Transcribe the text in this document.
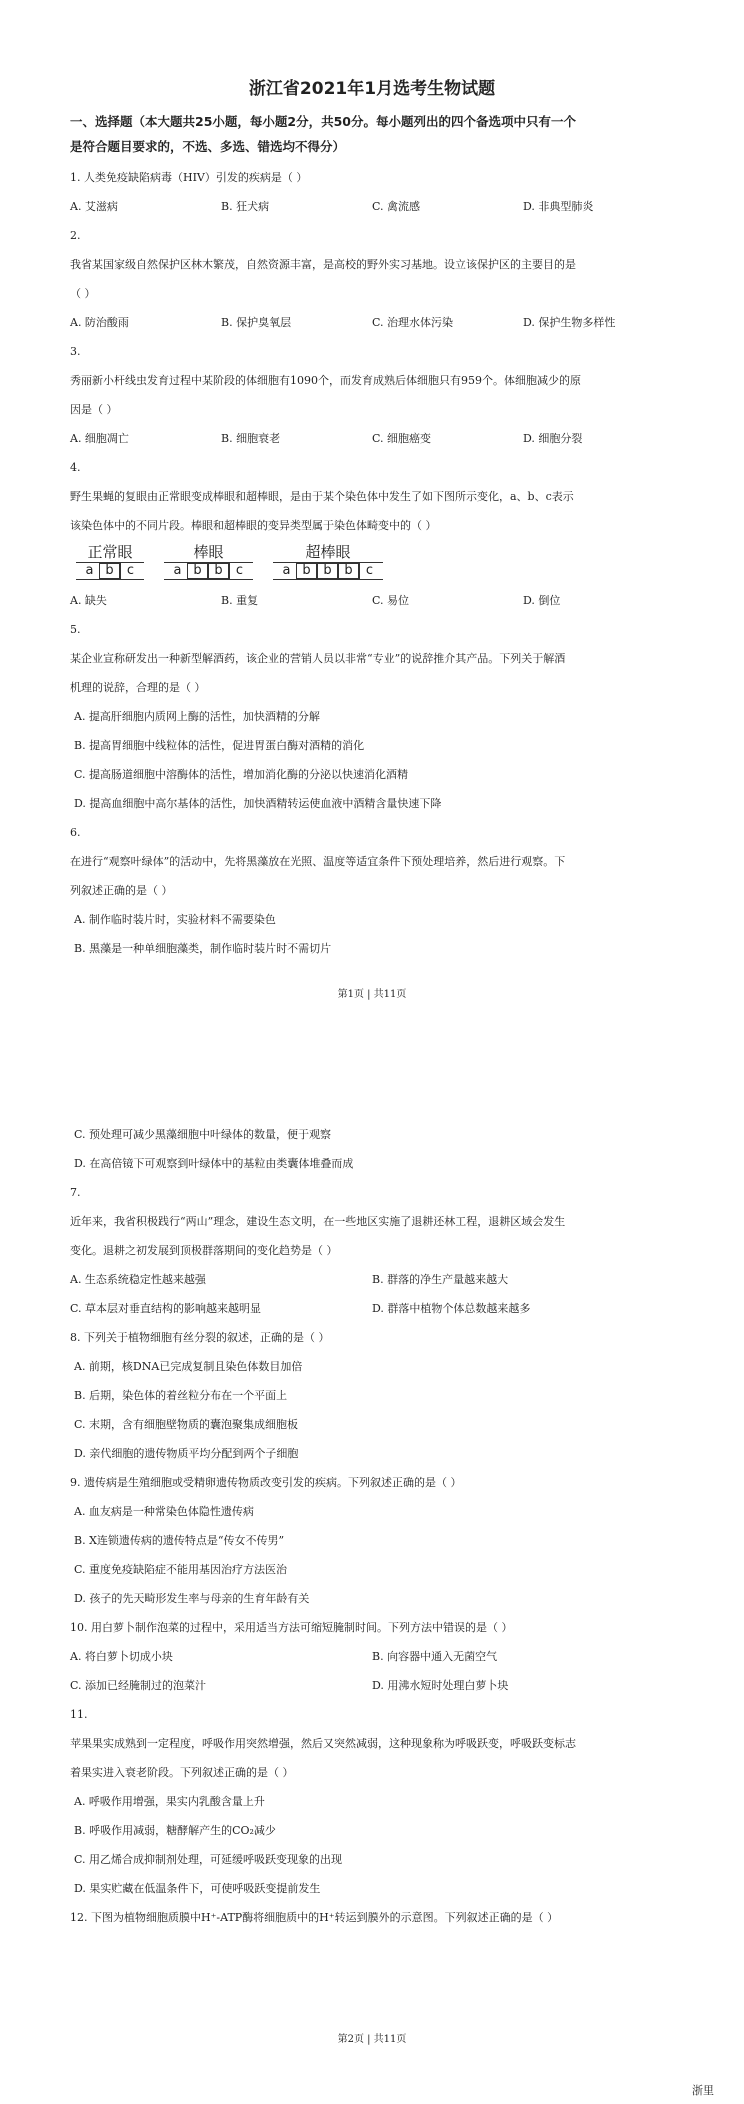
浙江省2021年1月选考生物试题
一、选择题（本大题共25小题，每小题2分，共50分。每小题列出的四个备选项中只有一个
是符合题目要求的，不选、多选、错选均不得分）
1. 人类免疫缺陷病毒（HIV）引发的疾病是（ ）
A. 艾滋病	B. 狂犬病	C. 禽流感	D. 非典型肺炎
2.
我省某国家级自然保护区林木繁茂，自然资源丰富，是高校的野外实习基地。设立该保护区的主要目的是
（ ）
A. 防治酸雨	B. 保护臭氧层	C. 治理水体污染	D. 保护生物多样性
3.
秀丽新小杆线虫发育过程中某阶段的体细胞有1090个，而发育成熟后体细胞只有959个。体细胞减少的原
因是（ ）
A. 细胞凋亡	B. 细胞衰老	C. 细胞癌变	D. 细胞分裂
4.
野生果蝇的复眼由正常眼变成棒眼和超棒眼，是由于某个染色体中发生了如下图所示变化，a、b、c表示
该染色体中的不同片段。棒眼和超棒眼的变异类型属于染色体畸变中的（ ）
正常眼
a b	c
棒眼
a b b	c
超棒眼
a b b b	c
A. 缺失	B. 重复	C. 易位	D. 倒位
5.
某企业宣称研发出一种新型解酒药，该企业的营销人员以非常“专业”的说辞推介其产品。下列关于解酒
机理的说辞，合理的是（ ）
A. 提高肝细胞内质网上酶的活性，加快酒精的分解
B. 提高胃细胞中线粒体的活性，促进胃蛋白酶对酒精的消化
C. 提高肠道细胞中溶酶体的活性，增加消化酶的分泌以快速消化酒精
D. 提高血细胞中高尔基体的活性，加快酒精转运使血液中酒精含量快速下降
6.
在进行“观察叶绿体”的活动中，先将黑藻放在光照、温度等适宜条件下预处理培养，然后进行观察。下
列叙述正确的是（ ）
A. 制作临时装片时，实验材料不需要染色
B. 黑藻是一种单细胞藻类，制作临时装片时不需切片
第1页 | 共11页
C. 预处理可减少黑藻细胞中叶绿体的数量，便于观察
D. 在高倍镜下可观察到叶绿体中的基粒由类囊体堆叠而成
7.
近年来，我省积极践行“两山”理念，建设生态文明，在一些地区实施了退耕还林工程，退耕区域会发生
变化。退耕之初发展到顶极群落期间的变化趋势是（ ）
A. 生态系统稳定性越来越强	B. 群落的净生产量越来越大
C. 草本层对垂直结构的影响越来越明显	D. 群落中植物个体总数越来越多
8. 下列关于植物细胞有丝分裂的叙述，正确的是（ ）
A. 前期，核DNA已完成复制且染色体数目加倍
B. 后期，染色体的着丝粒分布在一个平面上
C. 末期，含有细胞壁物质的囊泡聚集成细胞板
D. 亲代细胞的遗传物质平均分配到两个子细胞
9. 遗传病是生殖细胞或受精卵遗传物质改变引发的疾病。下列叙述正确的是（ ）
A. 血友病是一种常染色体隐性遗传病
B. X连锁遗传病的遗传特点是“传女不传男”
C. 重度免疫缺陷症不能用基因治疗方法医治
D. 孩子的先天畸形发生率与母亲的生育年龄有关
10. 用白萝卜制作泡菜的过程中，采用适当方法可缩短腌制时间。下列方法中错误的是（ ）
A. 将白萝卜切成小块	B. 向容器中通入无菌空气
C. 添加已经腌制过的泡菜汁	D. 用沸水短时处理白萝卜块
11.
苹果果实成熟到一定程度，呼吸作用突然增强，然后又突然减弱，这种现象称为呼吸跃变，呼吸跃变标志
着果实进入衰老阶段。下列叙述正确的是（ ）
A. 呼吸作用增强，果实内乳酸含量上升
B. 呼吸作用减弱，糖酵解产生的CO₂减少
C. 用乙烯合成抑制剂处理，可延缓呼吸跃变现象的出现
D. 果实贮藏在低温条件下，可使呼吸跃变提前发生
12. 下图为植物细胞质膜中H⁺-ATP酶将细胞质中的H⁺转运到膜外的示意图。下列叙述正确的是（ ）
第2页 | 共11页
浙里
